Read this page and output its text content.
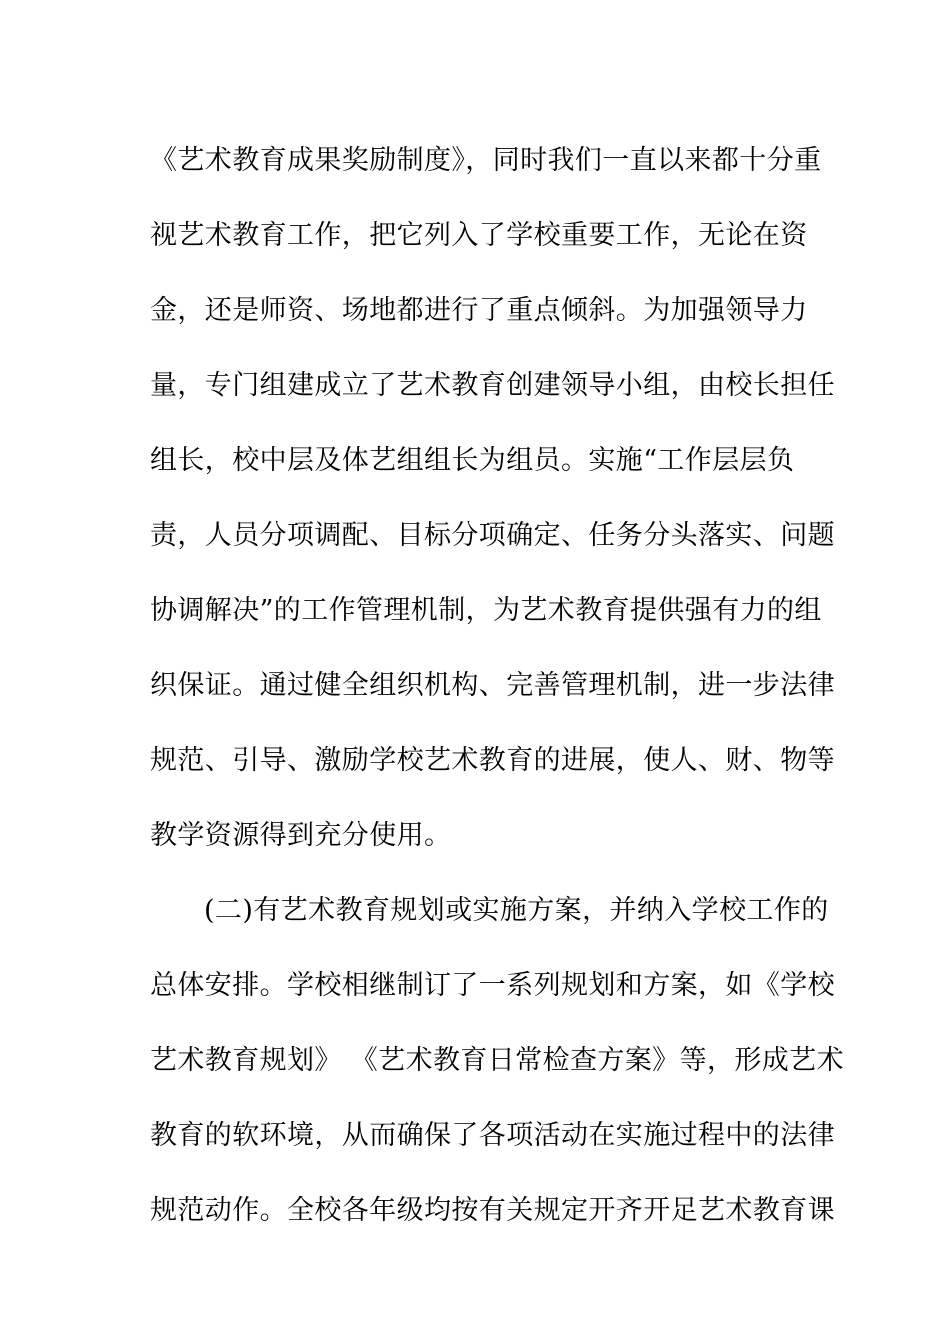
《艺术教育成果奖励制度》，同时我们一直以来都十分重
视艺术教育工作，把它列入了学校重要工作，无论在资
金，还是师资、场地都进行了重点倾斜。为加强领导力
量，专门组建成立了艺术教育创建领导小组，由校长担任
组长，校中层及体艺组组长为组员。实施“工作层层负
责，人员分项调配、目标分项确定、任务分头落实、问题
协调解决”的工作管理机制，为艺术教育提供强有力的组
织保证。通过健全组织机构、完善管理机制，进一步法律
规范、引导、激励学校艺术教育的进展，使人、财、物等
教学资源得到充分使用。
(二)有艺术教育规划或实施方案，并纳入学校工作的
总体安排。学校相继制订了一系列规划和方案，如《学校
艺术教育规划》 《艺术教育日常检查方案》等，形成艺术
教育的软环境，从而确保了各项活动在实施过程中的法律
规范动作。全校各年级均按有关规定开齐开足艺术教育课
